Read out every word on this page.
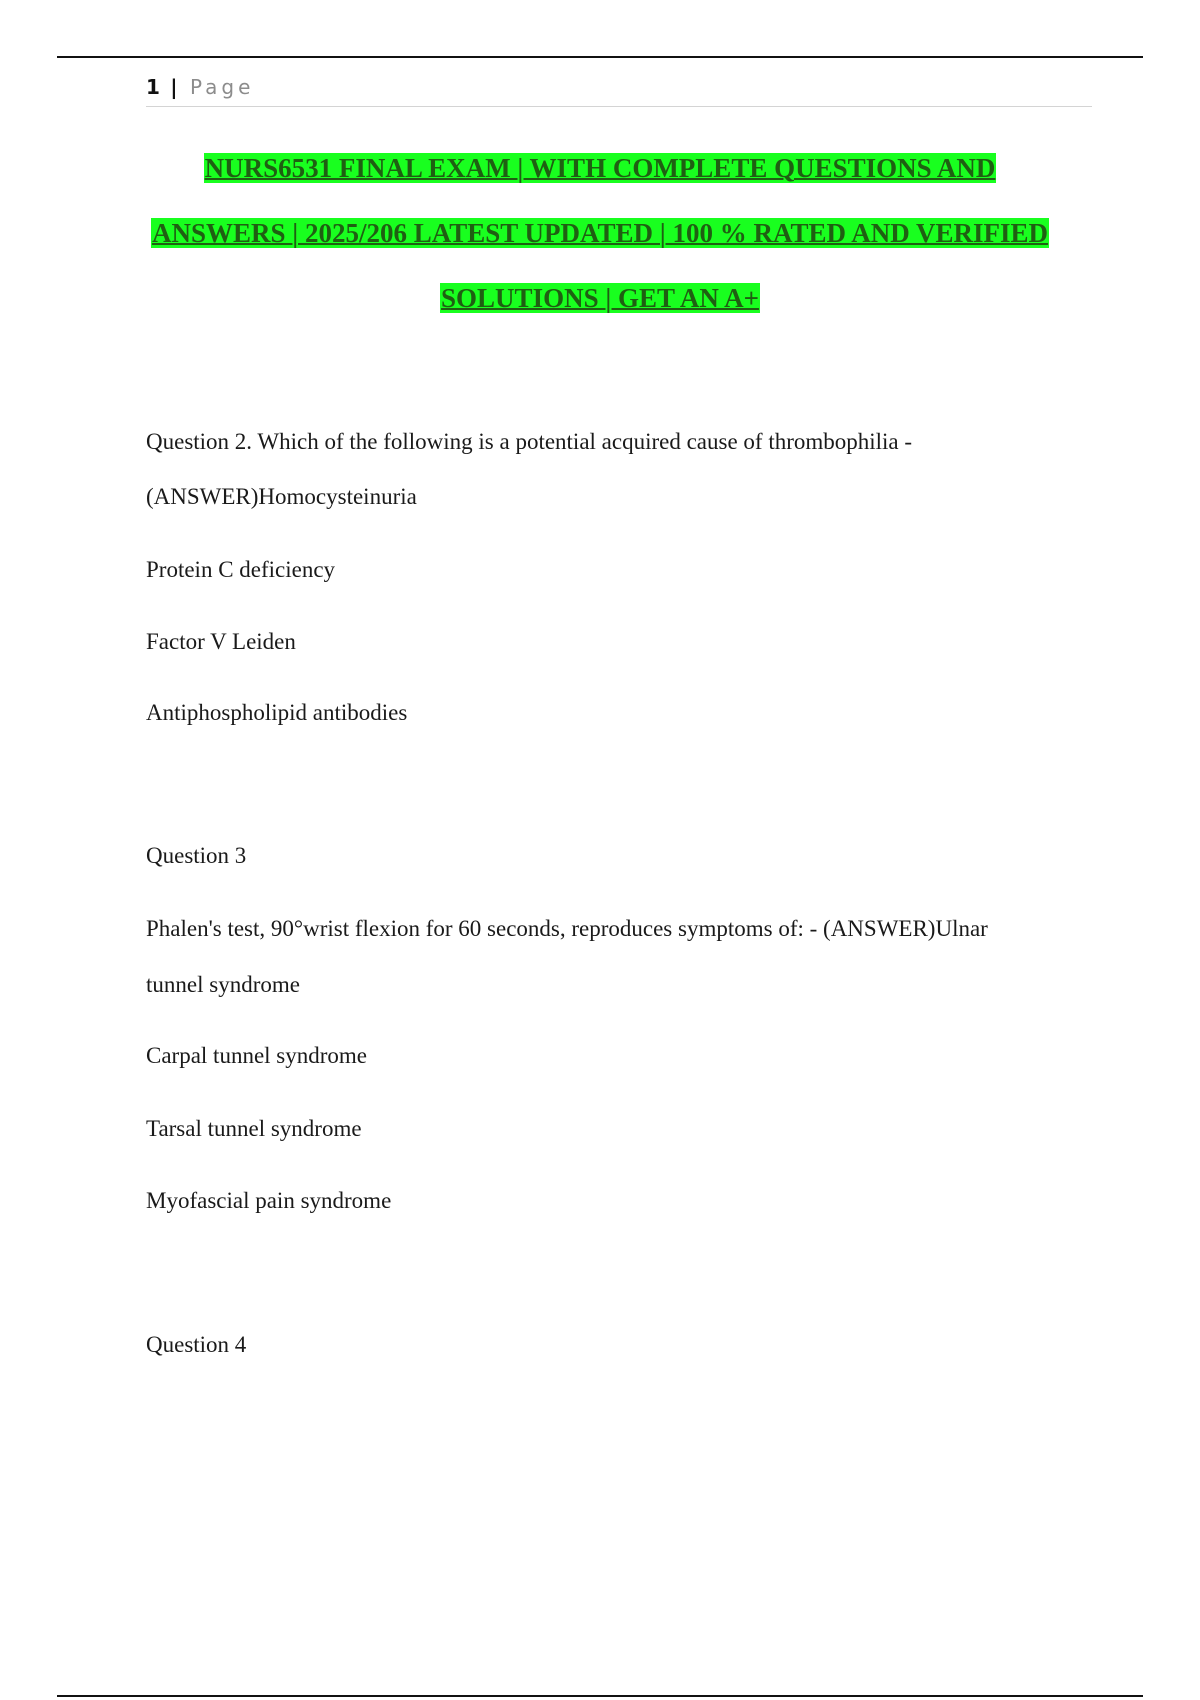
1 | Page
NURS6531 FINAL EXAM | WITH COMPLETE QUESTIONS AND
ANSWERS | 2025/206 LATEST UPDATED | 100 % RATED AND VERIFIED
SOLUTIONS | GET AN A+

Question 2. Which of the following is a potential acquired cause of thrombophilia -

(ANSWER)Homocysteinuria

Protein C deficiency

Factor V Leiden

Antiphospholipid antibodies

Question 3

Phalen's test, 90°wrist flexion for 60 seconds, reproduces symptoms of: - (ANSWER)Ulnar

tunnel syndrome

Carpal tunnel syndrome

Tarsal tunnel syndrome

Myofascial pain syndrome

Question 4
